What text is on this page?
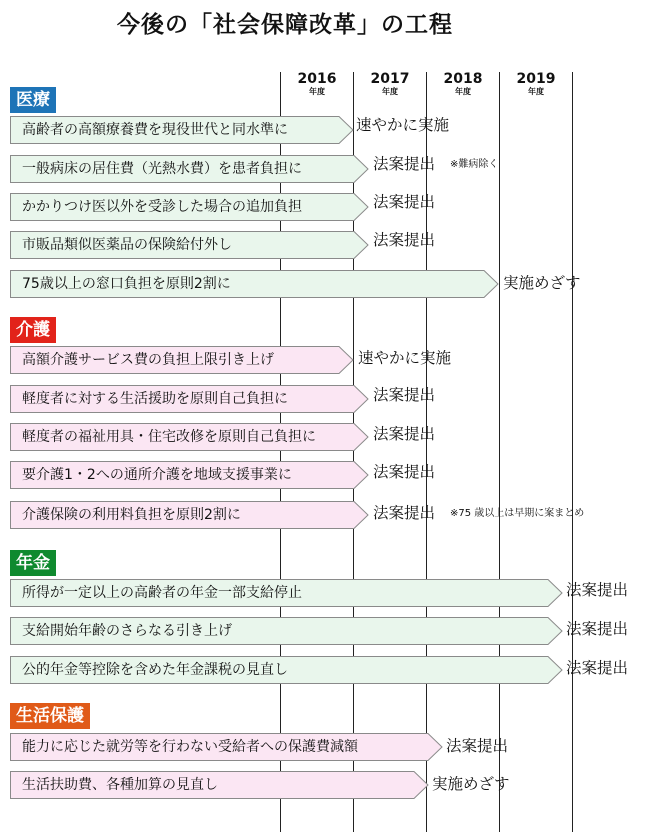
今後の「社会保障改革」の工程
2016
年度
2017
年度
2018
年度
2019
年度
医療
介護
年金
生活保護
高齢者の高額療養費を現役世代と同水準に	速やかに実施
一般病床の居住費（光熱水費）を患者負担に	法案提出 ※難病除く
かかりつけ医以外を受診した場合の追加負担	法案提出
市販品類似医薬品の保険給付外し	法案提出
75歳以上の窓口負担を原則2割に	実施めざす
高額介護サービス費の負担上限引き上げ	速やかに実施
軽度者に対する生活援助を原則自己負担に	法案提出
軽度者の福祉用具・住宅改修を原則自己負担に	法案提出
要介護1・2への通所介護を地域支援事業に	法案提出
介護保険の利用料負担を原則2割に	法案提出 ※75 歳以上は早期に案まとめ
所得が一定以上の高齢者の年金一部支給停止	法案提出
支給開始年齢のさらなる引き上げ	法案提出
公的年金等控除を含めた年金課税の見直し	法案提出
能力に応じた就労等を行わない受給者への保護費減額	法案提出
生活扶助費、各種加算の見直し	実施めざす
